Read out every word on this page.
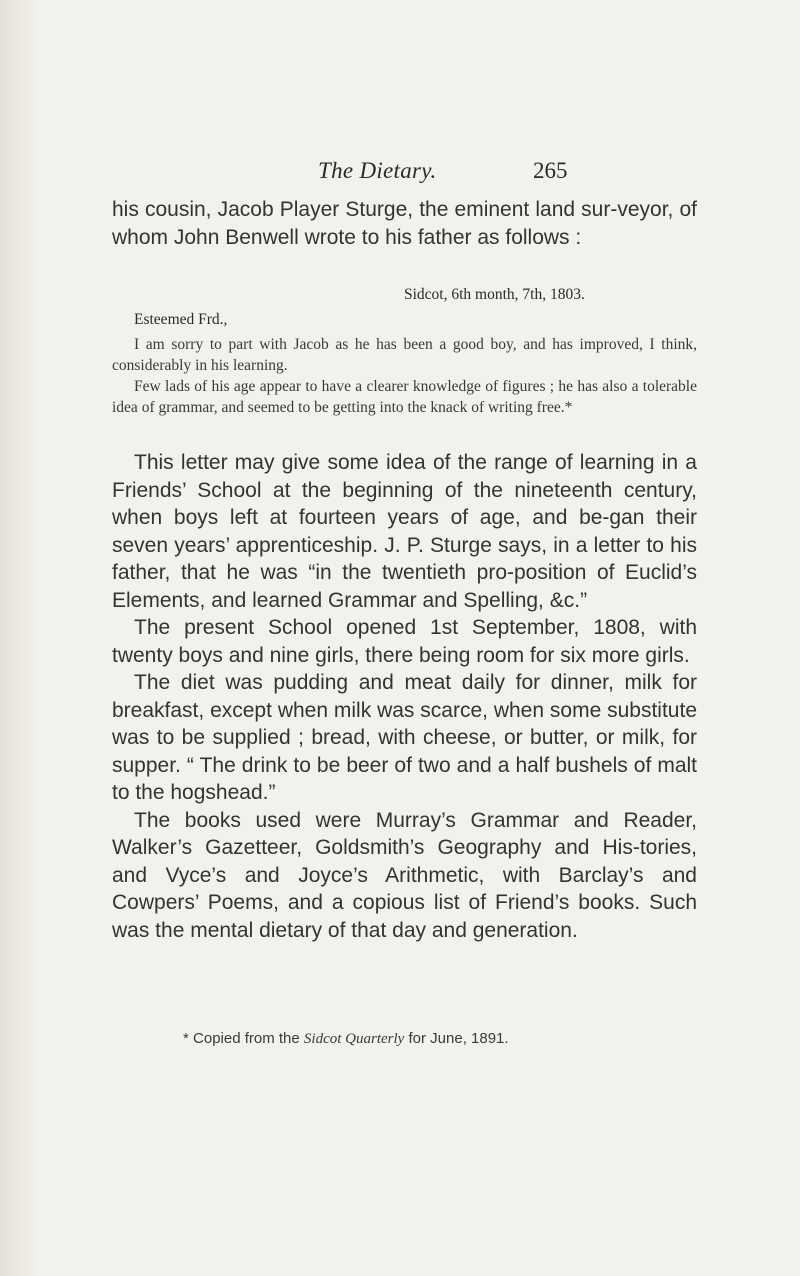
The Dietary.	265
his cousin, Jacob Player Sturge, the eminent land sur-veyor, of whom John Benwell wrote to his father as follows :
Sidcot, 6th month, 7th, 1803.
Esteemed Frd.,

I am sorry to part with Jacob as he has been a good boy, and has improved, I think, considerably in his learning.

Few lads of his age appear to have a clearer knowledge of figures ; he has also a tolerable idea of grammar, and seemed to be getting into the knack of writing free.*

This letter may give some idea of the range of learning in a Friends’ School at the beginning of the nineteenth century, when boys left at fourteen years of age, and be-gan their seven years’ apprenticeship. J. P. Sturge says, in a letter to his father, that he was “in the twentieth pro-position of Euclid’s Elements, and learned Grammar and Spelling, &c.”

The present School opened 1st September, 1808, with twenty boys and nine girls, there being room for six more girls.

The diet was pudding and meat daily for dinner, milk for breakfast, except when milk was scarce, when some substitute was to be supplied ; bread, with cheese, or butter, or milk, for supper. “ The drink to be beer of two and a half bushels of malt to the hogshead.”

The books used were Murray’s Grammar and Reader, Walker’s Gazetteer, Goldsmith’s Geography and His-tories, and Vyce’s and Joyce’s Arithmetic, with Barclay’s and Cowpers’ Poems, and a copious list of Friend’s books. Such was the mental dietary of that day and generation.

* Copied from the Sidcot Quarterly for June, 1891.
